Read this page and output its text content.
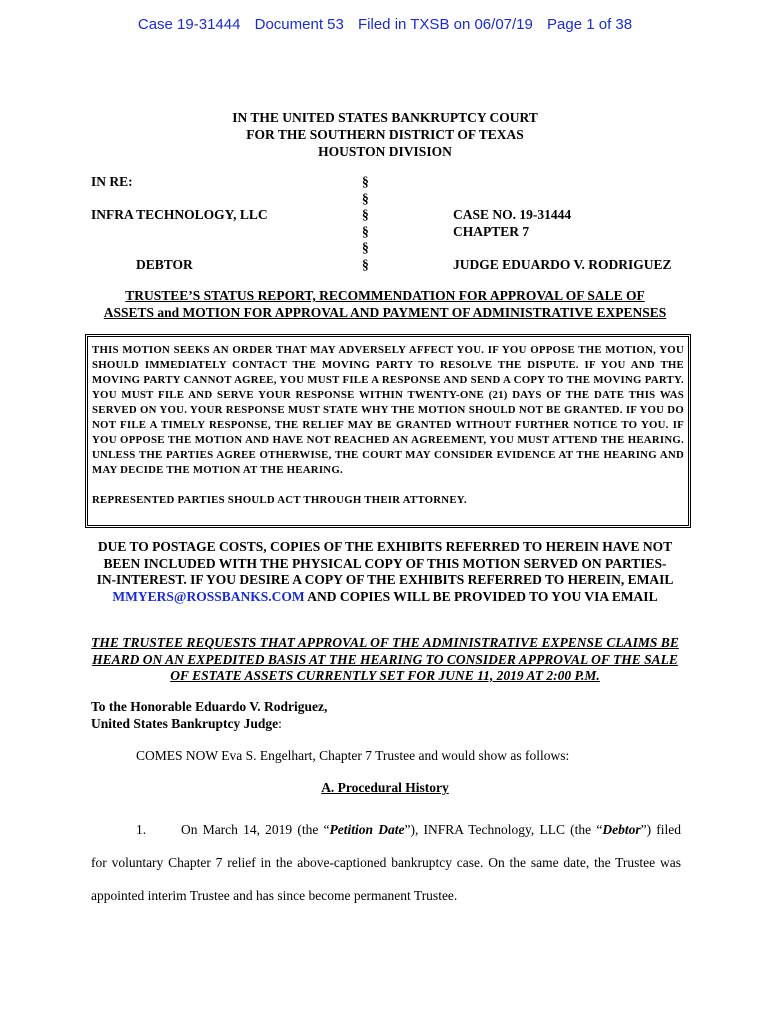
Case 19-31444 Document 53 Filed in TXSB on 06/07/19 Page 1 of 38
IN THE UNITED STATES BANKRUPTCY COURT
FOR THE SOUTHERN DISTRICT OF TEXAS
HOUSTON DIVISION
IN RE:
INFRA TECHNOLOGY, LLC
DEBTOR
§
§
§
§
§
§
CASE NO. 19-31444
CHAPTER 7
JUDGE EDUARDO V. RODRIGUEZ
TRUSTEE’S STATUS REPORT, RECOMMENDATION FOR APPROVAL OF SALE OF
ASSETS and MOTION FOR APPROVAL AND PAYMENT OF ADMINISTRATIVE EXPENSES

THIS MOTION SEEKS AN ORDER THAT MAY ADVERSELY AFFECT YOU. IF YOU OPPOSE THE MOTION, YOU SHOULD IMMEDIATELY CONTACT THE MOVING PARTY TO RESOLVE THE DISPUTE. IF YOU AND THE MOVING PARTY CANNOT AGREE, YOU MUST FILE A RESPONSE AND SEND A COPY TO THE MOVING PARTY. YOU MUST FILE AND SERVE YOUR RESPONSE WITHIN TWENTY-ONE (21) DAYS OF THE DATE THIS WAS SERVED ON YOU. YOUR RESPONSE MUST STATE WHY THE MOTION SHOULD NOT BE GRANTED. IF YOU DO NOT FILE A TIMELY RESPONSE, THE RELIEF MAY BE GRANTED WITHOUT FURTHER NOTICE TO YOU. IF YOU OPPOSE THE MOTION AND HAVE NOT REACHED AN AGREEMENT, YOU MUST ATTEND THE HEARING. UNLESS THE PARTIES AGREE OTHERWISE, THE COURT MAY CONSIDER EVIDENCE AT THE HEARING AND MAY DECIDE THE MOTION AT THE HEARING.

REPRESENTED PARTIES SHOULD ACT THROUGH THEIR ATTORNEY.

DUE TO POSTAGE COSTS, COPIES OF THE EXHIBITS REFERRED TO HEREIN HAVE NOT BEEN INCLUDED WITH THE PHYSICAL COPY OF THIS MOTION SERVED ON PARTIES-IN-INTEREST. IF YOU DESIRE A COPY OF THE EXHIBITS REFERRED TO HEREIN, EMAIL MMYERS@ROSSBANKS.COM AND COPIES WILL BE PROVIDED TO YOU VIA EMAIL
THE TRUSTEE REQUESTS THAT APPROVAL OF THE ADMINISTRATIVE EXPENSE CLAIMS BE HEARD ON AN EXPEDITED BASIS AT THE HEARING TO CONSIDER APPROVAL OF THE SALE OF ESTATE ASSETS CURRENTLY SET FOR JUNE 11, 2019 AT 2:00 P.M.
To the Honorable Eduardo V. Rodriguez,
United States Bankruptcy Judge:
COMES NOW Eva S. Engelhart, Chapter 7 Trustee and would show as follows:
A. Procedural History

1.	On March 14, 2019 (the “Petition Date”), INFRA Technology, LLC (the “Debtor”) filed

for voluntary Chapter 7 relief in the above-captioned bankruptcy case. On the same date, the Trustee was

appointed interim Trustee and has since become permanent Trustee.
